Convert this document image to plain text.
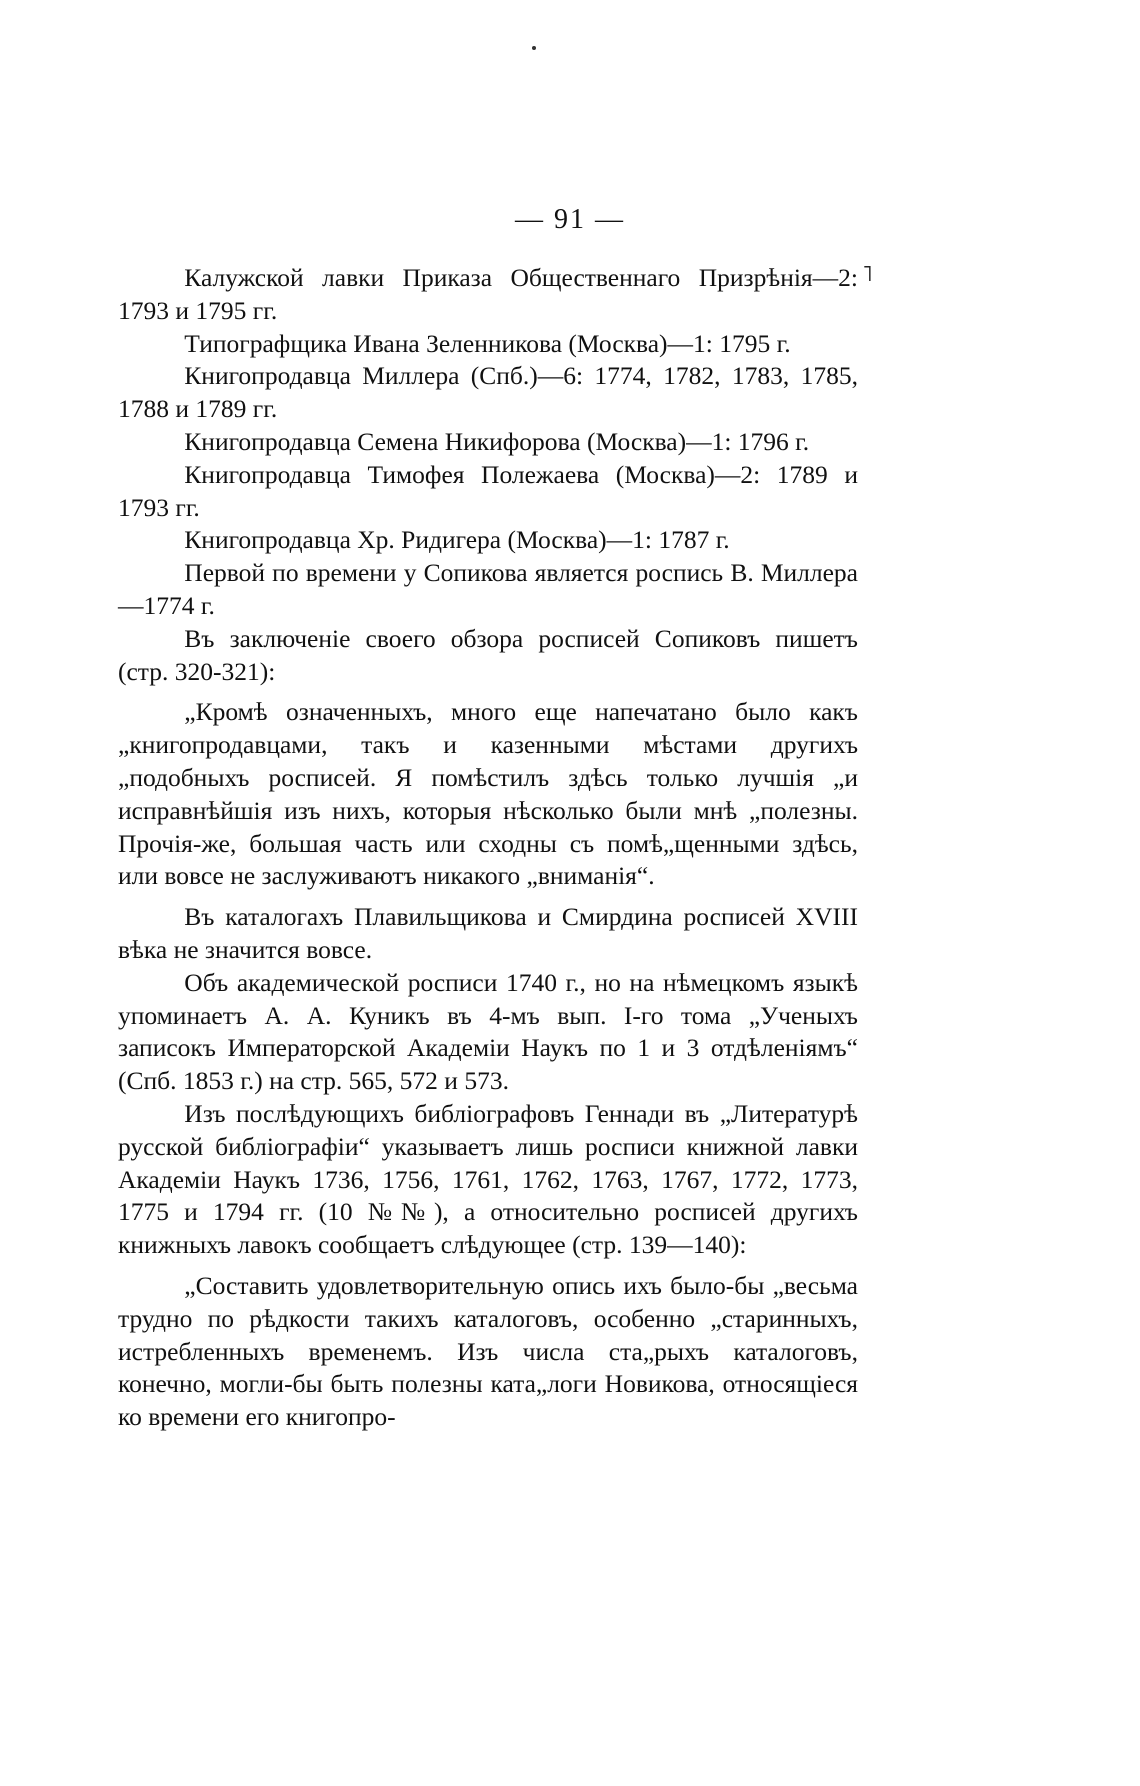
— 91 —
˥

Калужской лавки Приказа Общественнаго Призрѣнія—2: 1793 и 1795 гг.

Типографщика Ивана Зеленникова (Москва)—1: 1795 г.

Книгопродавца Миллера (Спб.)—6: 1774, 1782, 1783, 1785, 1788 и 1789 гг.

Книгопродавца Семена Никифорова (Москва)—1: 1796 г.

Книгопродавца Тимофея Полежаева (Москва)—2: 1789 и 1793 гг.

Книгопродавца Хр. Ридигера (Москва)—1: 1787 г.

Первой по времени у Сопикова является роспись В. Миллера—1774 г.

Въ заключеніе своего обзора росписей Сопиковъ пишетъ (стр. 320-321):

„Кромѣ означенныхъ, много еще напечатано было какъ „книгопродавцами, такъ и казенными мѣстами другихъ „подобныхъ росписей. Я помѣстилъ здѣсь только лучшія „и исправнѣйшія изъ нихъ, которыя нѣсколько были мнѣ „полезны. Прочія-же, большая часть или сходны съ помѣ„щенными здѣсь, или вовсе не заслуживаютъ никакого „вниманія“.

Въ каталогахъ Плавильщикова и Смирдина росписей XVIII вѣка не значится вовсе.

Объ академической росписи 1740 г., но на нѣмецкомъ языкѣ упоминаетъ А. А. Куникъ въ 4-мъ вып. I-го тома „Ученыхъ записокъ Императорской Академіи Наукъ по 1 и 3 отдѣленіямъ“ (Спб. 1853 г.) на стр. 565, 572 и 573.

Изъ послѣдующихъ библіографовъ Геннади въ „Литературѣ русской библіографіи“ указываетъ лишь росписи книжной лавки Академіи Наукъ 1736, 1756, 1761, 1762, 1763, 1767, 1772, 1773, 1775 и 1794 гг. (10 №№), а относительно росписей другихъ книжныхъ лавокъ сообщаетъ слѣдующее (стр. 139—140):

„Составить удовлетворительную опись ихъ было-бы „весьма трудно по рѣдкости такихъ каталоговъ, особенно „старинныхъ, истребленныхъ временемъ. Изъ числа ста„рыхъ каталоговъ, конечно, могли-бы быть полезны ката„логи Новикова, относящіеся ко времени его книгопро-
